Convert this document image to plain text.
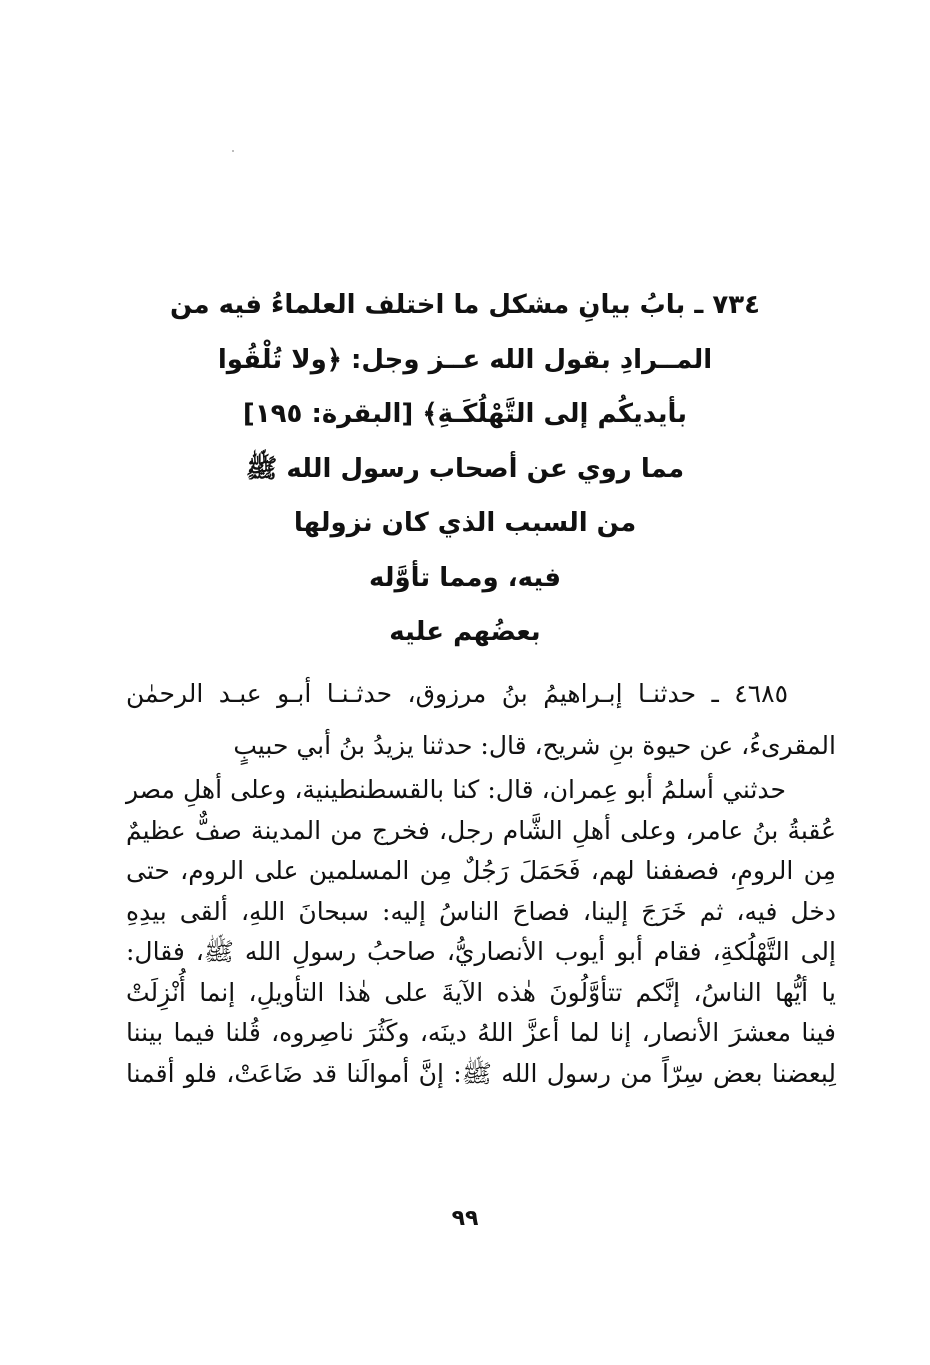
٧٣٤ ـ بابُ بيانِ مشكل ما اختلف العلماءُ فيه من
المــرادِ بقول الله عــز وجل: ﴿ولا تُلْقُوا
بأيديكُم إلى التَّهْلُكَـةِ﴾ [البقرة: ١٩٥]
مما روي عن أصحاب رسول الله ﷺ
من السبب الذي كان نزولها
فيه، ومما تأوَّله
بعضُهم عليه
٤٦٨٥ ـ حدثنـا إبـراهيمُ بنُ مرزوق، حدثـنـا أبـو عبـد الرحمٰن
المقرىءُ، عن حيوة بنِ شريح، قال: حدثنا يزيدُ بنُ أبي حبيبٍ
حدثني أسلمُ أبو عِمران، قال: كنا بالقسطنطينية، وعلى أهلِ مصر
عُقبةُ بنُ عامر، وعلى أهلِ الشَّام رجل، فخرج من المدينة صفٌّ عظيمٌ
مِن الرومِ، فصففنا لهم، فَحَمَلَ رَجُلٌ مِن المسلمين على الروم، حتى
دخل فيه، ثم خَرَجَ إلينا، فصاحَ الناسُ إليه: سبحانَ اللهِ، ألقى بيدِهِ
إلى التَّهْلُكةِ، فقام أبو أيوب الأنصاريُّ، صاحبُ رسولِ الله ﷺ، فقال:
يا أيُّها الناسُ، إنَّكم تتأوَّلُونَ هٰذه الآيةَ على هٰذا التأويلِ، إنما أُنْزِلَتْ
فينا معشرَ الأنصار، إنا لما أعزَّ اللهُ دينَه، وكَثُرَ ناصِروه، قُلنا فيما بيننا
لِبعضنا بعض سِرّاً من رسول الله ﷺ: إنَّ أموالَنا قد ضَاعَتْ، فلو أقمنا
٩٩
